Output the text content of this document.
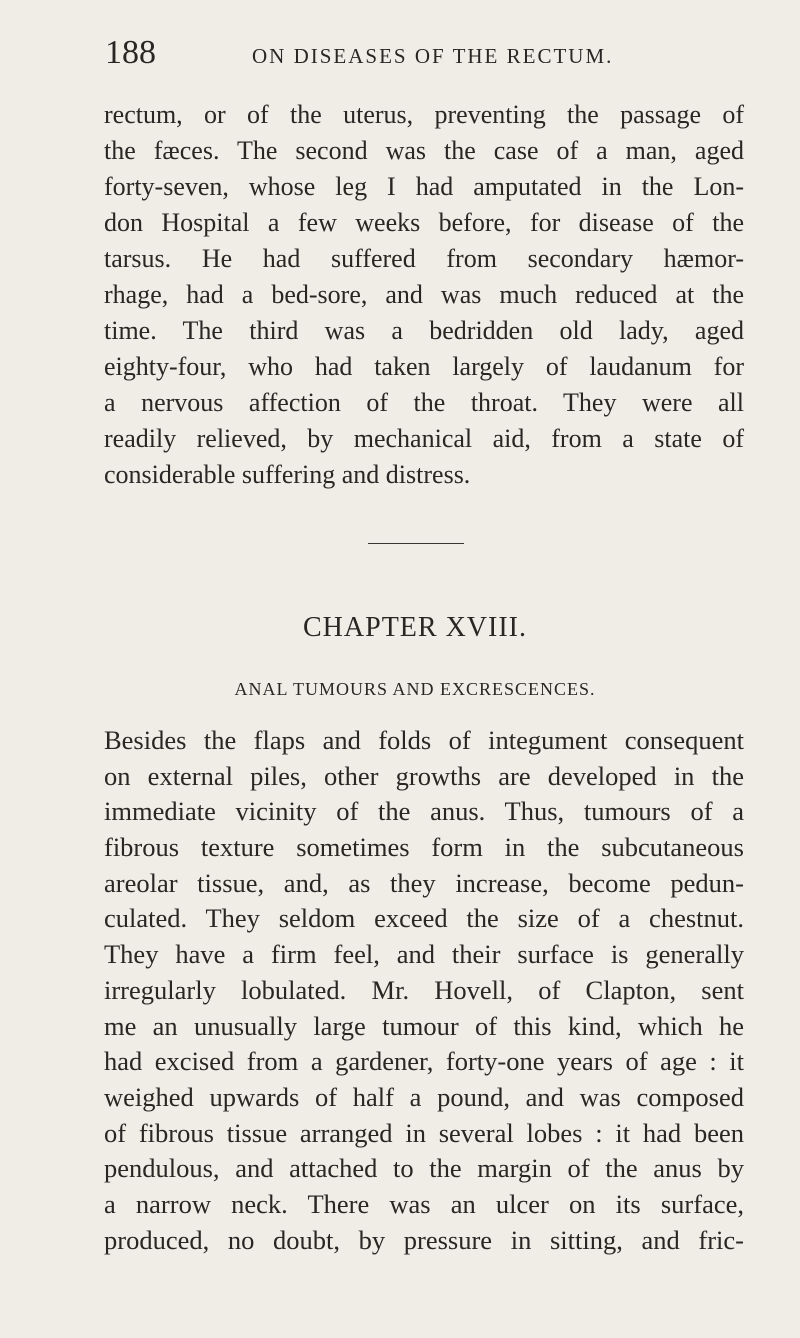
188	ON DISEASES OF THE RECTUM.
rectum, or of the uterus, preventing the passage of
the fæces. The second was the case of a man, aged
forty-seven, whose leg I had amputated in the Lon-
don Hospital a few weeks before, for disease of the
tarsus. He had suffered from secondary hæmor-
rhage, had a bed-sore, and was much reduced at the
time. The third was a bedridden old lady, aged
eighty-four, who had taken largely of laudanum for
a nervous affection of the throat. They were all
readily relieved, by mechanical aid, from a state of
considerable suffering and distress.
CHAPTER XVIII.
ANAL TUMOURS AND EXCRESCENCES.
Besides the flaps and folds of integument consequent
on external piles, other growths are developed in the
immediate vicinity of the anus. Thus, tumours of a
fibrous texture sometimes form in the subcutaneous
areolar tissue, and, as they increase, become pedun-
culated. They seldom exceed the size of a chestnut.
They have a firm feel, and their surface is generally
irregularly lobulated. Mr. Hovell, of Clapton, sent
me an unusually large tumour of this kind, which he
had excised from a gardener, forty-one years of age : it
weighed upwards of half a pound, and was composed
of fibrous tissue arranged in several lobes : it had been
pendulous, and attached to the margin of the anus by
a narrow neck. There was an ulcer on its surface,
produced, no doubt, by pressure in sitting, and fric-
